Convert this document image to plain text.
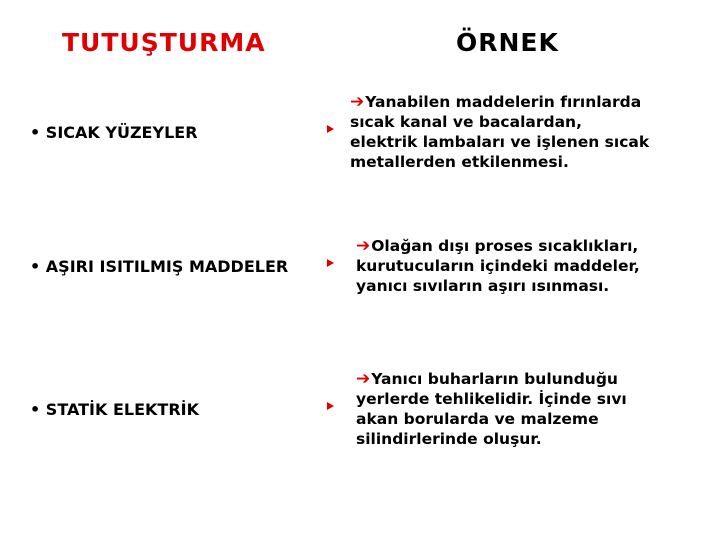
TUTUŞTURMA	ÖRNEK
• SICAK YÜZEYLER
➔Yanabilen maddelerin fırınlarda
sıcak kanal ve bacalardan,
elektrik lambaları ve işlenen sıcak
metallerden etkilenmesi.
• AŞIRI ISITILMIŞ MADDELER
➔Olağan dışı proses sıcaklıkları,
kurutucuların içindeki maddeler,
yanıcı sıvıların aşırı ısınması.
• STATİK ELEKTRİK
➔Yanıcı buharların bulunduğu
yerlerde tehlikelidir. İçinde sıvı
akan borularda ve malzeme
silindirlerinde oluşur.
